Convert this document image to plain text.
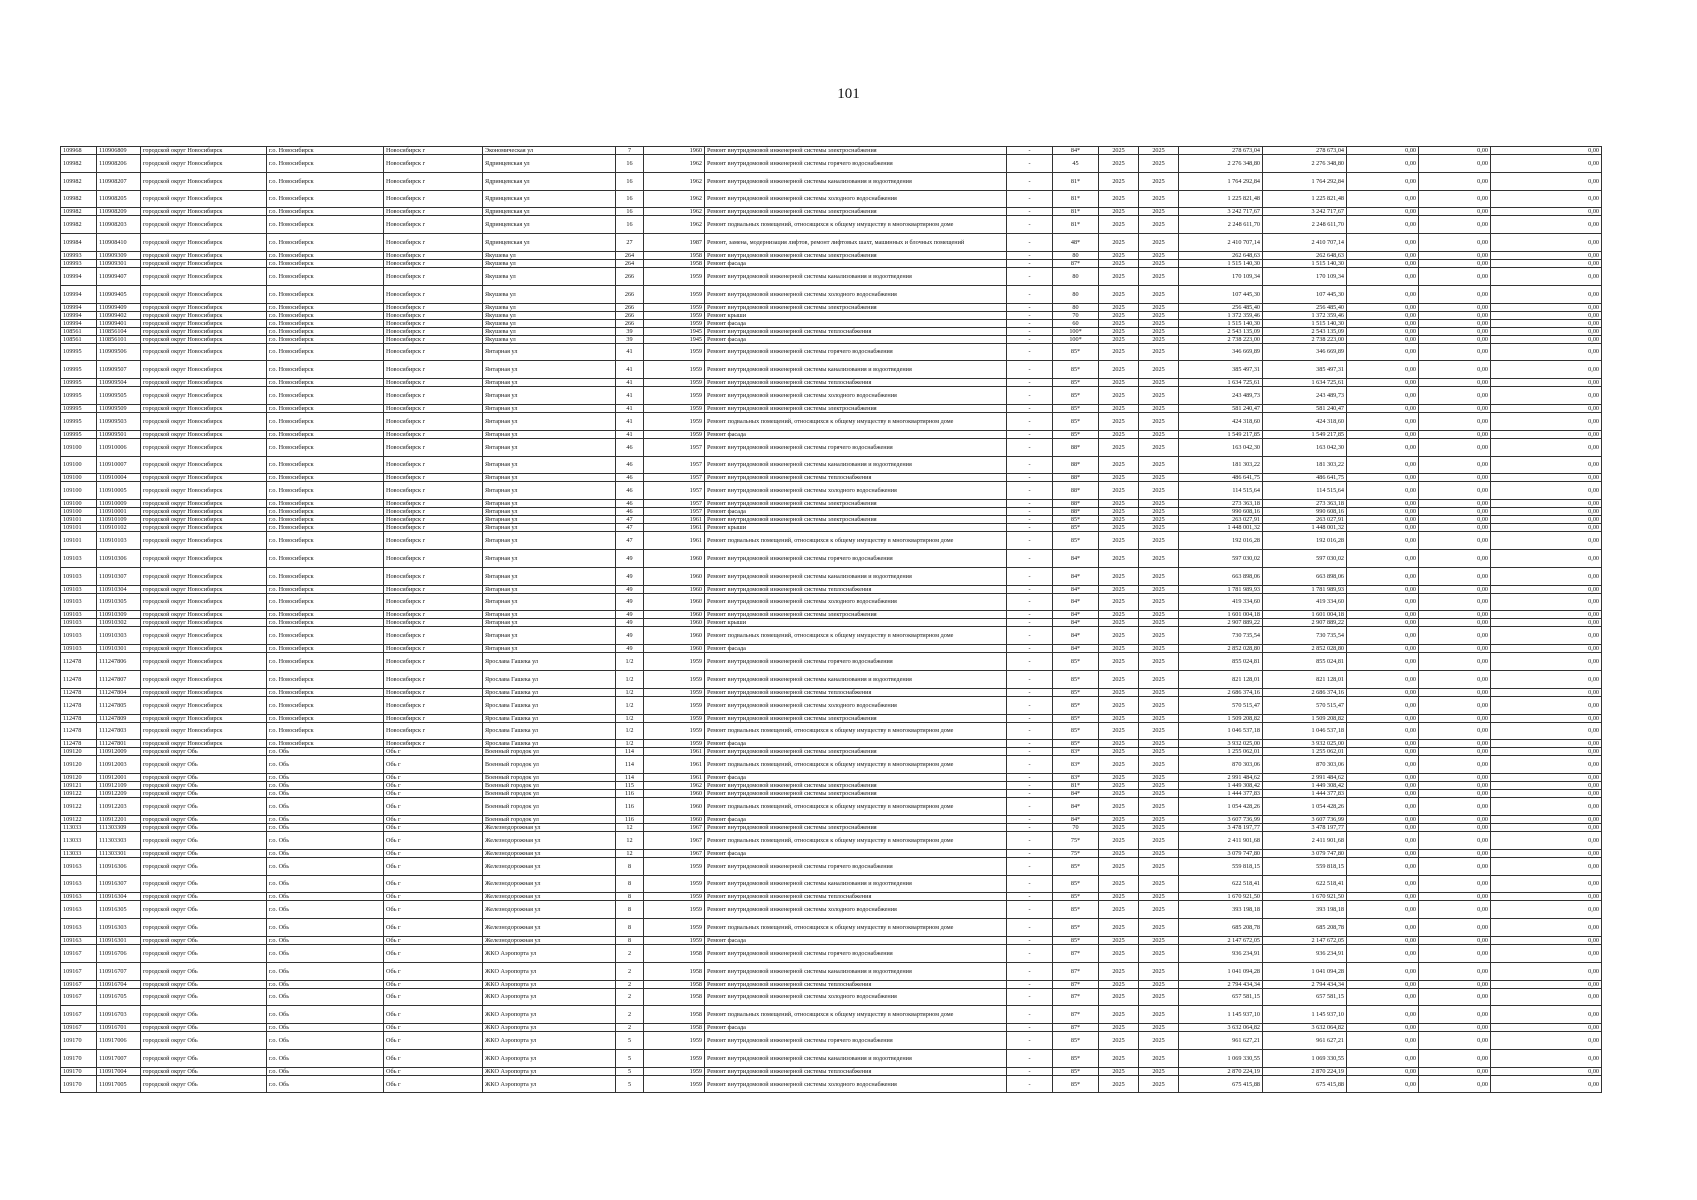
101
109968	110906809	городской округ Новосибирск	г.о. Новосибирск	Новосибирск г	Экономическая ул	7	1960	Ремонт внутридомовой инженерной системы электроснабжения	-	84*	2025	2025	278 673,04	278 673,04	0,00	0,00	0,00
109982	110908206	городской округ Новосибирск	г.о. Новосибирск	Новосибирск г	Ядринцевская ул	16	1962	Ремонт внутридомовой инженерной системы горячего водоснабжения	-	45	2025	2025	2 276 348,80	2 276 348,80	0,00	0,00	0,00
109982	110908207	городской округ Новосибирск	г.о. Новосибирск	Новосибирск г	Ядринцевская ул	16	1962	Ремонт внутридомовой инженерной системы канализования и водоотведения	-	81*	2025	2025	1 764 292,84	1 764 292,84	0,00	0,00	0,00
109982	110908205	городской округ Новосибирск	г.о. Новосибирск	Новосибирск г	Ядринцевская ул	16	1962	Ремонт внутридомовой инженерной системы холодного водоснабжения	-	81*	2025	2025	1 225 821,48	1 225 821,48	0,00	0,00	0,00
109982	110908209	городской округ Новосибирск	г.о. Новосибирск	Новосибирск г	Ядринцевская ул	16	1962	Ремонт внутридомовой инженерной системы электроснабжения	-	81*	2025	2025	3 242 717,67	3 242 717,67	0,00	0,00	0,00
109982	110908203	городской округ Новосибирск	г.о. Новосибирск	Новосибирск г	Ядринцевская ул	16	1962	Ремонт подвальных помещений, относящихся к общему имуществу в многоквартирном доме	-	81*	2025	2025	2 248 611,70	2 248 611,70	0,00	0,00	0,00
109984	110908410	городской округ Новосибирск	г.о. Новосибирск	Новосибирск г	Ядринцевская ул	27	1987	Ремонт, замена, модернизация лифтов, ремонт лифтовых шахт, машинных и блочных помещений	-	48*	2025	2025	2 410 707,14	2 410 707,14	0,00	0,00	0,00
109993	110909309	городской округ Новосибирск	г.о. Новосибирск	Новосибирск г	Якушева ул	264	1958	Ремонт внутридомовой инженерной системы электроснабжения	-	80	2025	2025	262 648,63	262 648,63	0,00	0,00	0,00
109993	110909301	городской округ Новосибирск	г.о. Новосибирск	Новосибирск г	Якушева ул	264	1958	Ремонт фасада	-	87*	2025	2025	1 515 140,30	1 515 140,30	0,00	0,00	0,00
109994	110909407	городской округ Новосибирск	г.о. Новосибирск	Новосибирск г	Якушева ул	266	1959	Ремонт внутридомовой инженерной системы канализования и водоотведения	-	80	2025	2025	170 109,34	170 109,34	0,00	0,00	0,00
109994	110909405	городской округ Новосибирск	г.о. Новосибирск	Новосибирск г	Якушева ул	266	1959	Ремонт внутридомовой инженерной системы холодного водоснабжения	-	80	2025	2025	107 445,30	107 445,30	0,00	0,00	0,00
109994	110909409	городской округ Новосибирск	г.о. Новосибирск	Новосибирск г	Якушева ул	266	1959	Ремонт внутридомовой инженерной системы электроснабжения	-	80	2025	2025	256 485,40	256 485,40	0,00	0,00	0,00
109994	110909402	городской округ Новосибирск	г.о. Новосибирск	Новосибирск г	Якушева ул	266	1959	Ремонт крыши	-	70	2025	2025	1 372 359,46	1 372 359,46	0,00	0,00	0,00
109994	110909401	городской округ Новосибирск	г.о. Новосибирск	Новосибирск г	Якушева ул	266	1959	Ремонт фасада	-	60	2025	2025	1 515 140,30	1 515 140,30	0,00	0,00	0,00
108561	110856104	городской округ Новосибирск	г.о. Новосибирск	Новосибирск г	Якушева ул	39	1945	Ремонт внутридомовой инженерной системы теплоснабжения	-	100*	2025	2025	2 543 135,09	2 543 135,09	0,00	0,00	0,00
108561	110856101	городской округ Новосибирск	г.о. Новосибирск	Новосибирск г	Якушева ул	39	1945	Ремонт фасада	-	100*	2025	2025	2 738 223,00	2 738 223,00	0,00	0,00	0,00
109995	110909506	городской округ Новосибирск	г.о. Новосибирск	Новосибирск г	Янтарная ул	41	1959	Ремонт внутридомовой инженерной системы горячего водоснабжения	-	85*	2025	2025	346 669,89	346 669,89	0,00	0,00	0,00
109995	110909507	городской округ Новосибирск	г.о. Новосибирск	Новосибирск г	Янтарная ул	41	1959	Ремонт внутридомовой инженерной системы канализования и водоотведения	-	85*	2025	2025	385 497,31	385 497,31	0,00	0,00	0,00
109995	110909504	городской округ Новосибирск	г.о. Новосибирск	Новосибирск г	Янтарная ул	41	1959	Ремонт внутридомовой инженерной системы теплоснабжения	-	85*	2025	2025	1 634 725,61	1 634 725,61	0,00	0,00	0,00
109995	110909505	городской округ Новосибирск	г.о. Новосибирск	Новосибирск г	Янтарная ул	41	1959	Ремонт внутридомовой инженерной системы холодного водоснабжения	-	85*	2025	2025	243 489,73	243 489,73	0,00	0,00	0,00
109995	110909509	городской округ Новосибирск	г.о. Новосибирск	Новосибирск г	Янтарная ул	41	1959	Ремонт внутридомовой инженерной системы электроснабжения	-	85*	2025	2025	581 240,47	581 240,47	0,00	0,00	0,00
109995	110909503	городской округ Новосибирск	г.о. Новосибирск	Новосибирск г	Янтарная ул	41	1959	Ремонт подвальных помещений, относящихся к общему имуществу в многоквартирном доме	-	85*	2025	2025	424 318,60	424 318,60	0,00	0,00	0,00
109995	110909501	городской округ Новосибирск	г.о. Новосибирск	Новосибирск г	Янтарная ул	41	1959	Ремонт фасада	-	85*	2025	2025	1 549 217,85	1 549 217,85	0,00	0,00	0,00
109100	110910006	городской округ Новосибирск	г.о. Новосибирск	Новосибирск г	Янтарная ул	46	1957	Ремонт внутридомовой инженерной системы горячего водоснабжения	-	88*	2025	2025	163 042,30	163 042,30	0,00	0,00	0,00
109100	110910007	городской округ Новосибирск	г.о. Новосибирск	Новосибирск г	Янтарная ул	46	1957	Ремонт внутридомовой инженерной системы канализования и водоотведения	-	88*	2025	2025	181 303,22	181 303,22	0,00	0,00	0,00
109100	110910004	городской округ Новосибирск	г.о. Новосибирск	Новосибирск г	Янтарная ул	46	1957	Ремонт внутридомовой инженерной системы теплоснабжения	-	88*	2025	2025	486 641,75	486 641,75	0,00	0,00	0,00
109100	110910005	городской округ Новосибирск	г.о. Новосибирск	Новосибирск г	Янтарная ул	46	1957	Ремонт внутридомовой инженерной системы холодного водоснабжения	-	88*	2025	2025	114 515,64	114 515,64	0,00	0,00	0,00
109100	110910009	городской округ Новосибирск	г.о. Новосибирск	Новосибирск г	Янтарная ул	46	1957	Ремонт внутридомовой инженерной системы электроснабжения	-	88*	2025	2025	273 363,18	273 363,18	0,00	0,00	0,00
109100	110910001	городской округ Новосибирск	г.о. Новосибирск	Новосибирск г	Янтарная ул	46	1957	Ремонт фасада	-	88*	2025	2025	990 608,16	990 608,16	0,00	0,00	0,00
109101	110910109	городской округ Новосибирск	г.о. Новосибирск	Новосибирск г	Янтарная ул	47	1961	Ремонт внутридомовой инженерной системы электроснабжения	-	85*	2025	2025	263 027,91	263 027,91	0,00	0,00	0,00
109101	110910102	городской округ Новосибирск	г.о. Новосибирск	Новосибирск г	Янтарная ул	47	1961	Ремонт крыши	-	85*	2025	2025	1 448 001,32	1 448 001,32	0,00	0,00	0,00
109101	110910103	городской округ Новосибирск	г.о. Новосибирск	Новосибирск г	Янтарная ул	47	1961	Ремонт подвальных помещений, относящихся к общему имуществу в многоквартирном доме	-	85*	2025	2025	192 016,28	192 016,28	0,00	0,00	0,00
109103	110910306	городской округ Новосибирск	г.о. Новосибирск	Новосибирск г	Янтарная ул	49	1960	Ремонт внутридомовой инженерной системы горячего водоснабжения	-	84*	2025	2025	597 030,02	597 030,02	0,00	0,00	0,00
109103	110910307	городской округ Новосибирск	г.о. Новосибирск	Новосибирск г	Янтарная ул	49	1960	Ремонт внутридомовой инженерной системы канализования и водоотведения	-	84*	2025	2025	663 898,06	663 898,06	0,00	0,00	0,00
109103	110910304	городской округ Новосибирск	г.о. Новосибирск	Новосибирск г	Янтарная ул	49	1960	Ремонт внутридомовой инженерной системы теплоснабжения	-	84*	2025	2025	1 781 989,93	1 781 989,93	0,00	0,00	0,00
109103	110910305	городской округ Новосибирск	г.о. Новосибирск	Новосибирск г	Янтарная ул	49	1960	Ремонт внутридомовой инженерной системы холодного водоснабжения	-	84*	2025	2025	419 334,60	419 334,60	0,00	0,00	0,00
109103	110910309	городской округ Новосибирск	г.о. Новосибирск	Новосибирск г	Янтарная ул	49	1960	Ремонт внутридомовой инженерной системы электроснабжения	-	84*	2025	2025	1 601 004,18	1 601 004,18	0,00	0,00	0,00
109103	110910302	городской округ Новосибирск	г.о. Новосибирск	Новосибирск г	Янтарная ул	49	1960	Ремонт крыши	-	84*	2025	2025	2 907 889,22	2 907 889,22	0,00	0,00	0,00
109103	110910303	городской округ Новосибирск	г.о. Новосибирск	Новосибирск г	Янтарная ул	49	1960	Ремонт подвальных помещений, относящихся к общему имуществу в многоквартирном доме	-	84*	2025	2025	730 735,54	730 735,54	0,00	0,00	0,00
109103	110910301	городской округ Новосибирск	г.о. Новосибирск	Новосибирск г	Янтарная ул	49	1960	Ремонт фасада	-	84*	2025	2025	2 852 028,80	2 852 028,80	0,00	0,00	0,00
112478	111247806	городской округ Новосибирск	г.о. Новосибирск	Новосибирск г	Ярослава Гашека ул	1/2	1959	Ремонт внутридомовой инженерной системы горячего водоснабжения	-	85*	2025	2025	855 024,81	855 024,81	0,00	0,00	0,00
112478	111247807	городской округ Новосибирск	г.о. Новосибирск	Новосибирск г	Ярослава Гашека ул	1/2	1959	Ремонт внутридомовой инженерной системы канализования и водоотведения	-	85*	2025	2025	821 128,01	821 128,01	0,00	0,00	0,00
112478	111247804	городской округ Новосибирск	г.о. Новосибирск	Новосибирск г	Ярослава Гашека ул	1/2	1959	Ремонт внутридомовой инженерной системы теплоснабжения	-	85*	2025	2025	2 686 374,16	2 686 374,16	0,00	0,00	0,00
112478	111247805	городской округ Новосибирск	г.о. Новосибирск	Новосибирск г	Ярослава Гашека ул	1/2	1959	Ремонт внутридомовой инженерной системы холодного водоснабжения	-	85*	2025	2025	570 515,47	570 515,47	0,00	0,00	0,00
112478	111247809	городской округ Новосибирск	г.о. Новосибирск	Новосибирск г	Ярослава Гашека ул	1/2	1959	Ремонт внутридомовой инженерной системы электроснабжения	-	85*	2025	2025	1 509 208,82	1 509 208,82	0,00	0,00	0,00
112478	111247803	городской округ Новосибирск	г.о. Новосибирск	Новосибирск г	Ярослава Гашека ул	1/2	1959	Ремонт подвальных помещений, относящихся к общему имуществу в многоквартирном доме	-	85*	2025	2025	1 046 537,18	1 046 537,18	0,00	0,00	0,00
112478	111247801	городской округ Новосибирск	г.о. Новосибирск	Новосибирск г	Ярослава Гашека ул	1/2	1959	Ремонт фасада	-	85*	2025	2025	3 932 025,00	3 932 025,00	0,00	0,00	0,00
109120	110912009	городской округ Обь	г.о. Обь	Обь г	Военный городок ул	114	1961	Ремонт внутридомовой инженерной системы электроснабжения	-	83*	2025	2025	1 255 062,01	1 255 062,01	0,00	0,00	0,00
109120	110912003	городской округ Обь	г.о. Обь	Обь г	Военный городок ул	114	1961	Ремонт подвальных помещений, относящихся к общему имуществу в многоквартирном доме	-	83*	2025	2025	870 303,06	870 303,06	0,00	0,00	0,00
109120	110912001	городской округ Обь	г.о. Обь	Обь г	Военный городок ул	114	1961	Ремонт фасада	-	83*	2025	2025	2 991 484,62	2 991 484,62	0,00	0,00	0,00
109121	110912109	городской округ Обь	г.о. Обь	Обь г	Военный городок ул	115	1962	Ремонт внутридомовой инженерной системы электроснабжения	-	81*	2025	2025	1 449 308,42	1 449 308,42	0,00	0,00	0,00
109122	110912209	городской округ Обь	г.о. Обь	Обь г	Военный городок ул	116	1960	Ремонт внутридомовой инженерной системы электроснабжения	-	84*	2025	2025	1 444 377,83	1 444 377,83	0,00	0,00	0,00
109122	110912203	городской округ Обь	г.о. Обь	Обь г	Военный городок ул	116	1960	Ремонт подвальных помещений, относящихся к общему имуществу в многоквартирном доме	-	84*	2025	2025	1 054 428,26	1 054 428,26	0,00	0,00	0,00
109122	110912201	городской округ Обь	г.о. Обь	Обь г	Военный городок ул	116	1960	Ремонт фасада	-	84*	2025	2025	3 607 736,99	3 607 736,99	0,00	0,00	0,00
113033	111303309	городской округ Обь	г.о. Обь	Обь г	Железнодорожная ул	12	1967	Ремонт внутридомовой инженерной системы электроснабжения	-	70	2025	2025	3 478 197,77	3 478 197,77	0,00	0,00	0,00
113033	111303303	городской округ Обь	г.о. Обь	Обь г	Железнодорожная ул	12	1967	Ремонт подвальных помещений, относящихся к общему имуществу в многоквартирном доме	-	75*	2025	2025	2 411 901,68	2 411 901,68	0,00	0,00	0,00
113033	111303301	городской округ Обь	г.о. Обь	Обь г	Железнодорожная ул	12	1967	Ремонт фасада	-	75*	2025	2025	3 079 747,80	3 079 747,80	0,00	0,00	0,00
109163	110916306	городской округ Обь	г.о. Обь	Обь г	Железнодорожная ул	8	1959	Ремонт внутридомовой инженерной системы горячего водоснабжения	-	85*	2025	2025	559 818,15	559 818,15	0,00	0,00	0,00
109163	110916307	городской округ Обь	г.о. Обь	Обь г	Железнодорожная ул	8	1959	Ремонт внутридомовой инженерной системы канализования и водоотведения	-	85*	2025	2025	622 518,41	622 518,41	0,00	0,00	0,00
109163	110916304	городской округ Обь	г.о. Обь	Обь г	Железнодорожная ул	8	1959	Ремонт внутридомовой инженерной системы теплоснабжения	-	85*	2025	2025	1 670 921,50	1 670 921,50	0,00	0,00	0,00
109163	110916305	городской округ Обь	г.о. Обь	Обь г	Железнодорожная ул	8	1959	Ремонт внутридомовой инженерной системы холодного водоснабжения	-	85*	2025	2025	393 198,18	393 198,18	0,00	0,00	0,00
109163	110916303	городской округ Обь	г.о. Обь	Обь г	Железнодорожная ул	8	1959	Ремонт подвальных помещений, относящихся к общему имуществу в многоквартирном доме	-	85*	2025	2025	685 208,78	685 208,78	0,00	0,00	0,00
109163	110916301	городской округ Обь	г.о. Обь	Обь г	Железнодорожная ул	8	1959	Ремонт фасада	-	85*	2025	2025	2 147 672,05	2 147 672,05	0,00	0,00	0,00
109167	110916706	городской округ Обь	г.о. Обь	Обь г	ЖКО Аэропорта ул	2	1958	Ремонт внутридомовой инженерной системы горячего водоснабжения	-	87*	2025	2025	936 234,91	936 234,91	0,00	0,00	0,00
109167	110916707	городской округ Обь	г.о. Обь	Обь г	ЖКО Аэропорта ул	2	1958	Ремонт внутридомовой инженерной системы канализования и водоотведения	-	87*	2025	2025	1 041 094,28	1 041 094,28	0,00	0,00	0,00
109167	110916704	городской округ Обь	г.о. Обь	Обь г	ЖКО Аэропорта ул	2	1958	Ремонт внутридомовой инженерной системы теплоснабжения	-	87*	2025	2025	2 794 434,34	2 794 434,34	0,00	0,00	0,00
109167	110916705	городской округ Обь	г.о. Обь	Обь г	ЖКО Аэропорта ул	2	1958	Ремонт внутридомовой инженерной системы холодного водоснабжения	-	87*	2025	2025	657 581,15	657 581,15	0,00	0,00	0,00
109167	110916703	городской округ Обь	г.о. Обь	Обь г	ЖКО Аэропорта ул	2	1958	Ремонт подвальных помещений, относящихся к общему имуществу в многоквартирном доме	-	87*	2025	2025	1 145 937,10	1 145 937,10	0,00	0,00	0,00
109167	110916701	городской округ Обь	г.о. Обь	Обь г	ЖКО Аэропорта ул	2	1958	Ремонт фасада	-	87*	2025	2025	3 632 064,82	3 632 064,82	0,00	0,00	0,00
109170	110917006	городской округ Обь	г.о. Обь	Обь г	ЖКО Аэропорта ул	5	1959	Ремонт внутридомовой инженерной системы горячего водоснабжения	-	85*	2025	2025	961 627,21	961 627,21	0,00	0,00	0,00
109170	110917007	городской округ Обь	г.о. Обь	Обь г	ЖКО Аэропорта ул	5	1959	Ремонт внутридомовой инженерной системы канализования и водоотведения	-	85*	2025	2025	1 069 330,55	1 069 330,55	0,00	0,00	0,00
109170	110917004	городской округ Обь	г.о. Обь	Обь г	ЖКО Аэропорта ул	5	1959	Ремонт внутридомовой инженерной системы теплоснабжения	-	85*	2025	2025	2 870 224,19	2 870 224,19	0,00	0,00	0,00
109170	110917005	городской округ Обь	г.о. Обь	Обь г	ЖКО Аэропорта ул	5	1959	Ремонт внутридомовой инженерной системы холодного водоснабжения	-	85*	2025	2025	675 415,88	675 415,88	0,00	0,00	0,00
